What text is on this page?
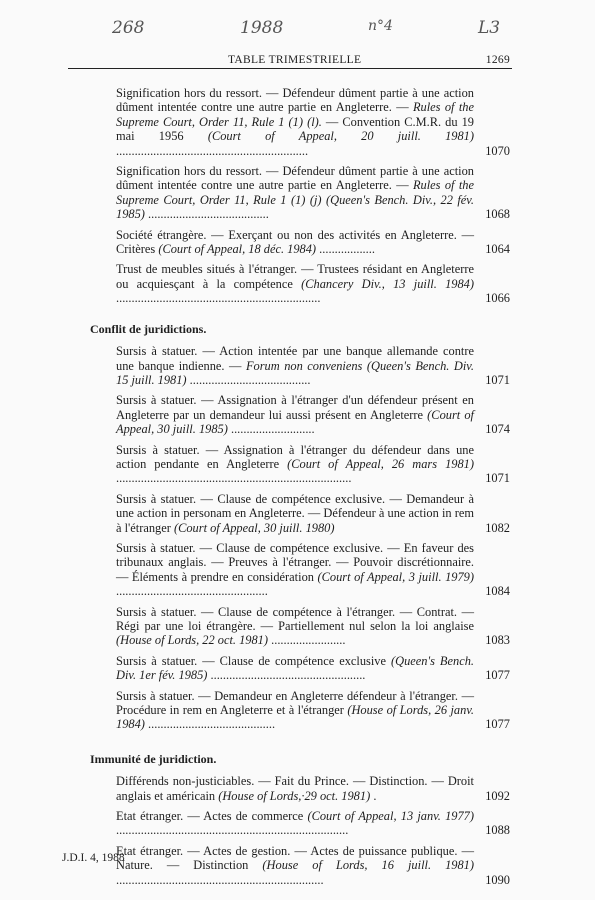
268	1988	n°4	L3
TABLE TRIMESTRIELLE	1269
Signification hors du ressort. — Défendeur dûment partie à une action dûment intentée contre une autre partie en Angleterre. — Rules of the Supreme Court, Order 11, Rule 1 (1) (l). — Convention C.M.R. du 19 mai 1956 (Court of Appeal, 20 juill. 1981) ..............................................................	1070
Signification hors du ressort. — Défendeur dûment partie à une action dûment intentée contre une autre partie en Angleterre. — Rules of the Supreme Court, Order 11, Rule 1 (1) (j) (Queen's Bench. Div., 22 fév. 1985) .......................................	1068
Société étrangère. — Exerçant ou non des activités en Angleterre. — Critères (Court of Appeal, 18 déc. 1984) ..................	1064
Trust de meubles situés à l'étranger. — Trustees résidant en Angleterre ou acquiesçant à la compétence (Chancery Div., 13 juill. 1984) ..................................................................	1066
Conflit de juridictions.
Sursis à statuer. — Action intentée par une banque allemande contre une banque indienne. — Forum non conveniens (Queen's Bench. Div. 15 juill. 1981) .......................................	1071
Sursis à statuer. — Assignation à l'étranger d'un défendeur présent en Angleterre par un demandeur lui aussi présent en Angleterre (Court of Appeal, 30 juill. 1985) ...........................	1074
Sursis à statuer. — Assignation à l'étranger du défendeur dans une action pendante en Angleterre (Court of Appeal, 26 mars 1981) ............................................................................	1071
Sursis à statuer. — Clause de compétence exclusive. — Demandeur à une action in personam en Angleterre. — Défendeur à une action in rem à l'étranger (Court of Appeal, 30 juill. 1980)	1082
Sursis à statuer. — Clause de compétence exclusive. — En faveur des tribunaux anglais. — Preuves à l'étranger. — Pouvoir discrétionnaire. — Éléments à prendre en considération (Court of Appeal, 3 juill. 1979) .................................................	1084
Sursis à statuer. — Clause de compétence à l'étranger. — Contrat. — Régi par une loi étrangère. — Partiellement nul selon la loi anglaise (House of Lords, 22 oct. 1981) ........................	1083
Sursis à statuer. — Clause de compétence exclusive (Queen's Bench. Div. 1er fév. 1985) ..................................................	1077
Sursis à statuer. — Demandeur en Angleterre défendeur à l'étranger. — Procédure in rem en Angleterre et à l'étranger (House of Lords, 26 janv. 1984) .........................................	1077
Immunité de juridiction.
Différends non-justiciables. — Fait du Prince. — Distinction. — Droit anglais et américain (House of Lords,·29 oct. 1981) .	1092
Etat étranger. — Actes de commerce (Court of Appeal, 13 janv. 1977) ...........................................................................	1088
Etat étranger. — Actes de gestion. — Actes de puissance publique. — Nature. — Distinction (House of Lords, 16 juill. 1981) ...................................................................	1090
J.D.I. 4, 1988
